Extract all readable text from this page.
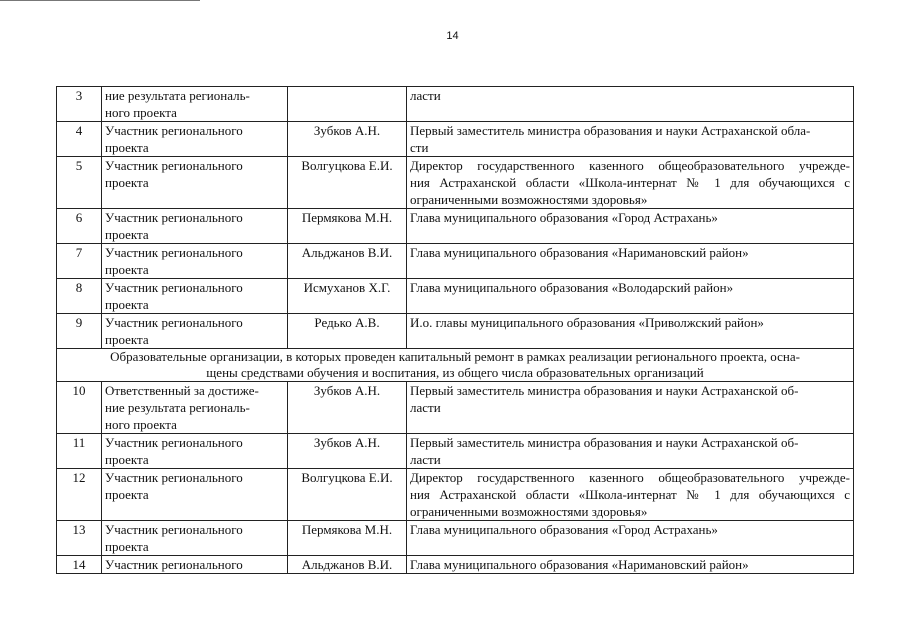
14
3	ние результата региональ-
ного проекта		ласти

4	Участник регионального
проекта	Зубков А.Н.	Первый заместитель министра образования и науки Астраханской обла-
сти

5	Участник регионального
проекта	Волгуцкова Е.И.	Директор государственного казенного общеобразовательного учрежде-
ния Астраханской области «Школа-интернат № 1 для обучающихся с
ограниченными возможностями здоровья»

6	Участник регионального
проекта	Пермякова М.Н.	Глава муниципального образования «Город Астрахань»

7	Участник регионального
проекта	Альджанов В.И.	Глава муниципального образования «Наримановский район»

8	Участник регионального
проекта	Исмуханов Х.Г.	Глава муниципального образования «Володарский район»

9	Участник регионального
проекта	Редько А.В.	И.о. главы муниципального образования «Приволжский район»

Образовательные организации, в которых проведен капитальный ремонт в рамках реализации регионального проекта, осна-
щены средствами обучения и воспитания, из общего числа образовательных организаций			

10	Ответственный за достиже-
ние результата региональ-
ного проекта	Зубков А.Н.	Первый заместитель министра образования и науки Астраханской об-
ласти

11	Участник регионального
проекта	Зубков А.Н.	Первый заместитель министра образования и науки Астраханской об-
ласти

12	Участник регионального
проекта	Волгуцкова Е.И.	Директор государственного казенного общеобразовательного учрежде-
ния Астраханской области «Школа-интернат № 1 для обучающихся с
ограниченными возможностями здоровья»

13	Участник регионального
проекта	Пермякова М.Н.	Глава муниципального образования «Город Астрахань»

14	Участник регионального	Альджанов В.И.	Глава муниципального образования «Наримановский район»
